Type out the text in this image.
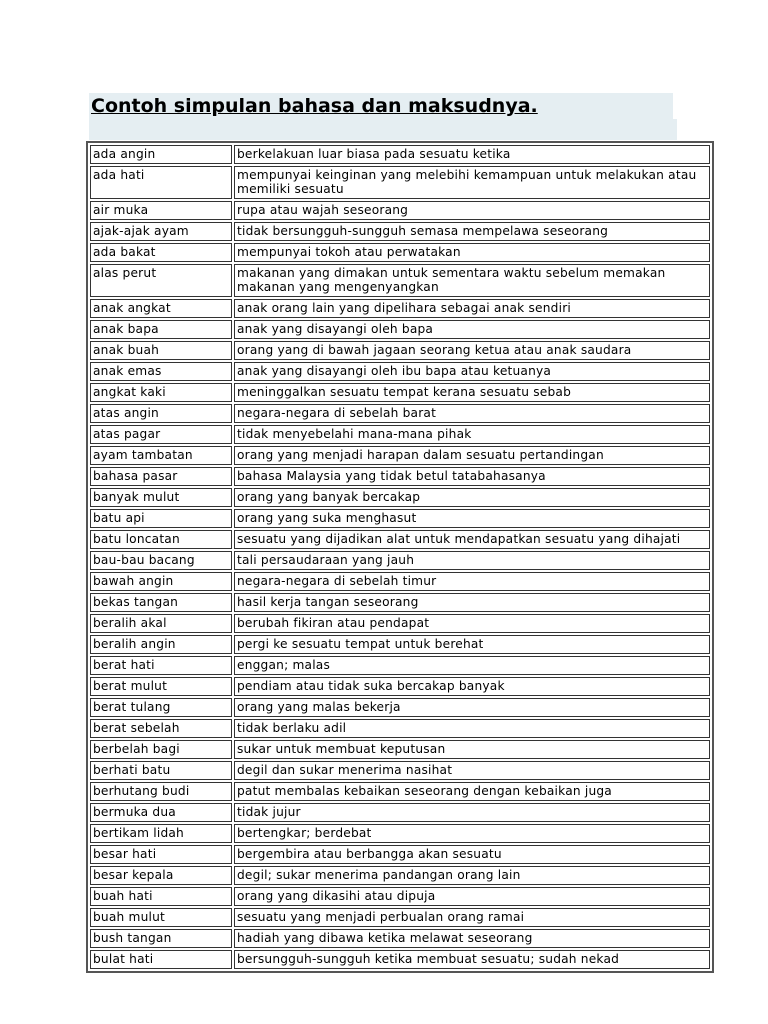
Contoh simpulan bahasa dan maksudnya.
ada angin	berkelakuan luar biasa pada sesuatu ketika
ada hati	mempunyai keinginan yang melebihi kemampuan untuk melakukan atau memiliki sesuatu
air muka	rupa atau wajah seseorang
ajak-ajak ayam	tidak bersungguh-sungguh semasa mempelawa seseorang
ada bakat	mempunyai tokoh atau perwatakan
alas perut	makanan yang dimakan untuk sementara waktu sebelum memakan makanan yang mengenyangkan
anak angkat	anak orang lain yang dipelihara sebagai anak sendiri
anak bapa	anak yang disayangi oleh bapa
anak buah	orang yang di bawah jagaan seorang ketua atau anak saudara
anak emas	anak yang disayangi oleh ibu bapa atau ketuanya
angkat kaki	meninggalkan sesuatu tempat kerana sesuatu sebab
atas angin	negara-negara di sebelah barat
atas pagar	tidak menyebelahi mana-mana pihak
ayam tambatan	orang yang menjadi harapan dalam sesuatu pertandingan
bahasa pasar	bahasa Malaysia yang tidak betul tatabahasanya
banyak mulut	orang yang banyak bercakap
batu api	orang yang suka menghasut
batu loncatan	sesuatu yang dijadikan alat untuk mendapatkan sesuatu yang dihajati
bau-bau bacang	tali persaudaraan yang jauh
bawah angin	negara-negara di sebelah timur
bekas tangan	hasil kerja tangan seseorang
beralih akal	berubah fikiran atau pendapat
beralih angin	pergi ke sesuatu tempat untuk berehat
berat hati	enggan; malas
berat mulut	pendiam atau tidak suka bercakap banyak
berat tulang	orang yang malas bekerja
berat sebelah	tidak berlaku adil
berbelah bagi	sukar untuk membuat keputusan
berhati batu	degil dan sukar menerima nasihat
berhutang budi	patut membalas kebaikan seseorang dengan kebaikan juga
bermuka dua	tidak jujur
bertikam lidah	bertengkar; berdebat
besar hati	bergembira atau berbangga akan sesuatu
besar kepala	degil; sukar menerima pandangan orang lain
buah hati	orang yang dikasihi atau dipuja
buah mulut	sesuatu yang menjadi perbualan orang ramai
bush tangan	hadiah yang dibawa ketika melawat seseorang
bulat hati	bersungguh-sungguh ketika membuat sesuatu; sudah nekad
